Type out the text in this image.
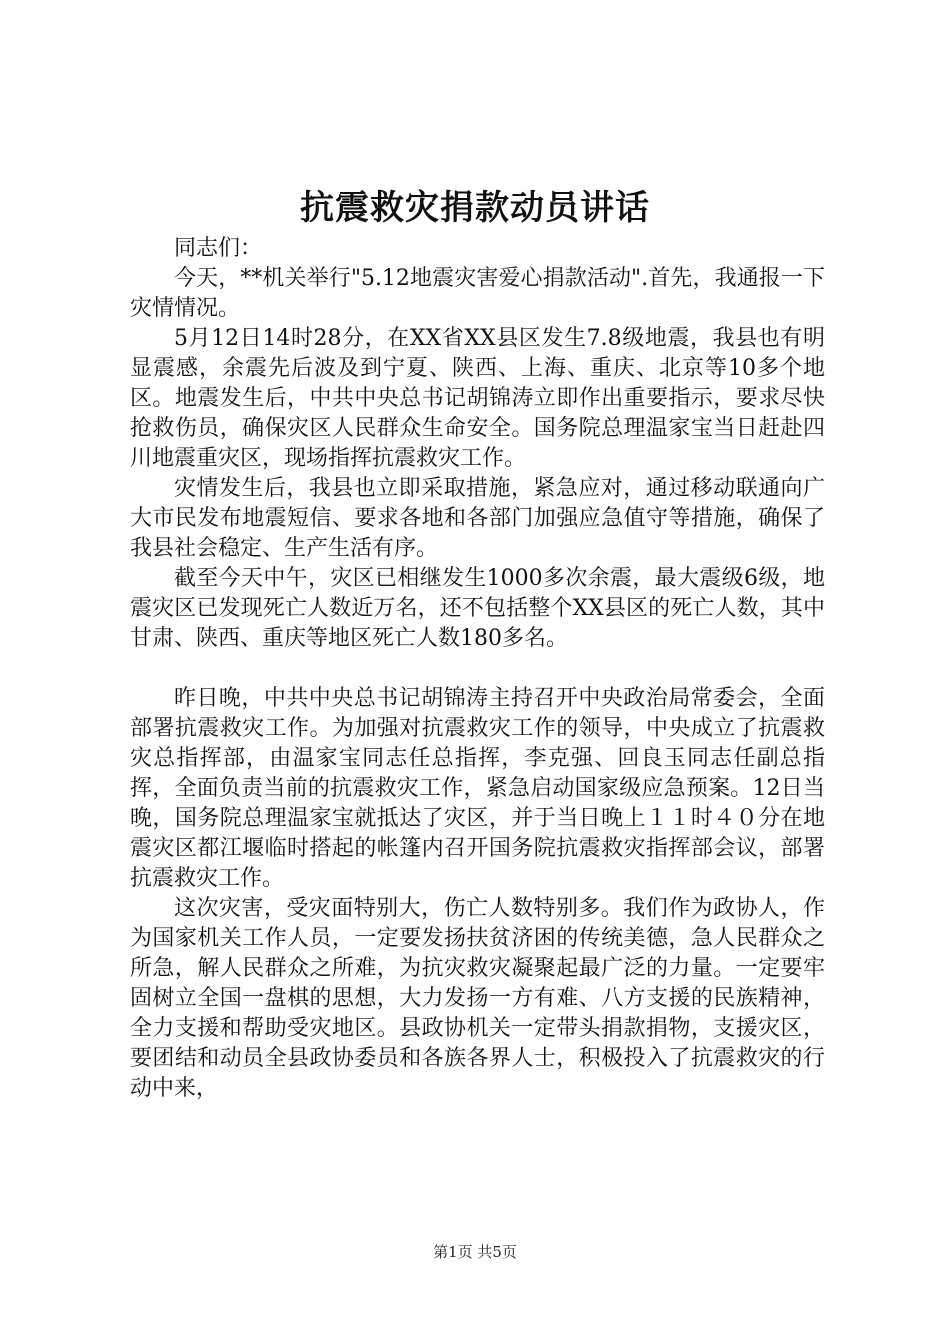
抗震救灾捐款动员讲话

同志们：

今天，**机关举行"5.12地震灾害爱心捐款活动".首先，我通报一下灾情情况。

5月12日14时28分，在XX省XX县区发生7.8级地震，我县也有明显震感，余震先后波及到宁夏、陕西、上海、重庆、北京等10多个地区。地震发生后，中共中央总书记胡锦涛立即作出重要指示，要求尽快抢救伤员，确保灾区人民群众生命安全。国务院总理温家宝当日赶赴四川地震重灾区，现场指挥抗震救灾工作。

灾情发生后，我县也立即采取措施，紧急应对，通过移动联通向广大市民发布地震短信、要求各地和各部门加强应急值守等措施，确保了我县社会稳定、生产生活有序。

截至今天中午，灾区已相继发生1000多次余震，最大震级6级，地震灾区已发现死亡人数近万名，还不包括整个XX县区的死亡人数，其中甘肃、陕西、重庆等地区死亡人数180多名。

昨日晚，中共中央总书记胡锦涛主持召开中央政治局常委会，全面部署抗震救灾工作。为加强对抗震救灾工作的领导，中央成立了抗震救灾总指挥部，由温家宝同志任总指挥，李克强、回良玉同志任副总指挥，全面负责当前的抗震救灾工作，紧急启动国家级应急预案。12日当晚，国务院总理温家宝就抵达了灾区，并于当日晚上１１时４０分在地震灾区都江堰临时搭起的帐篷内召开国务院抗震救灾指挥部会议，部署抗震救灾工作。

这次灾害，受灾面特别大，伤亡人数特别多。我们作为政协人，作为国家机关工作人员，一定要发扬扶贫济困的传统美德，急人民群众之所急，解人民群众之所难，为抗灾救灾凝聚起最广泛的力量。一定要牢固树立全国一盘棋的思想，大力发扬一方有难、八方支援的民族精神，全力支援和帮助受灾地区。县政协机关一定带头捐款捐物，支援灾区，要团结和动员全县政协委员和各族各界人士，积极投入了抗震救灾的行动中来，

第1页 共5页
